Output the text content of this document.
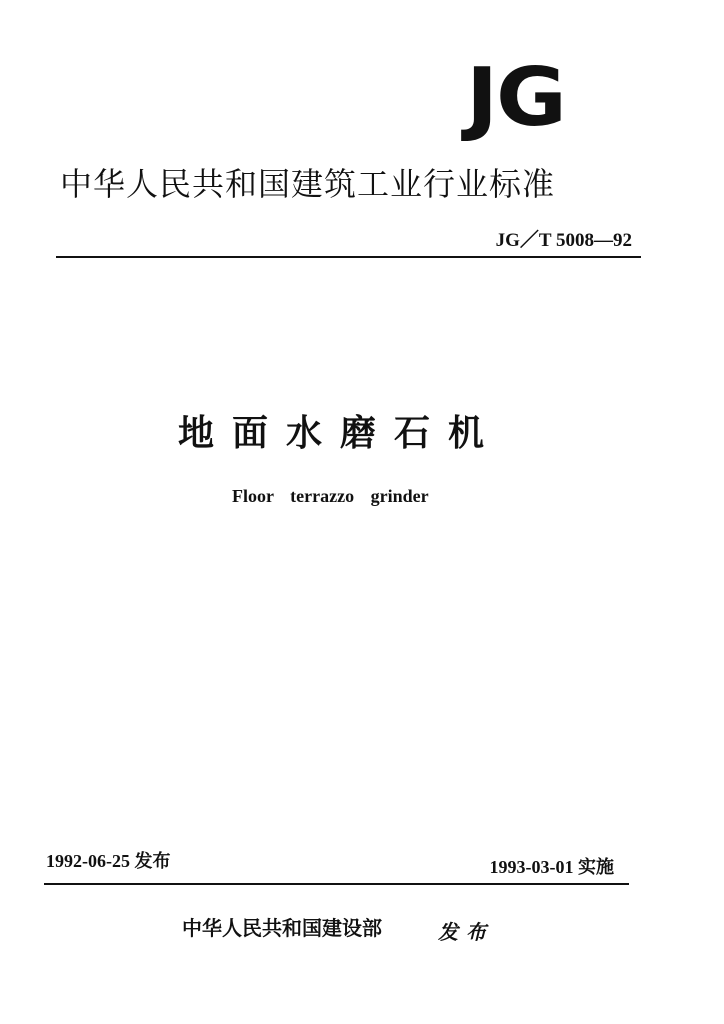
JG
中华人民共和国建筑工业行业标准
JG／T 5008—92
地面水磨石机
Floor terrazzo grinder
1992-06-25 发布	1993-03-01 实施
中华人民共和国建设部	发布
